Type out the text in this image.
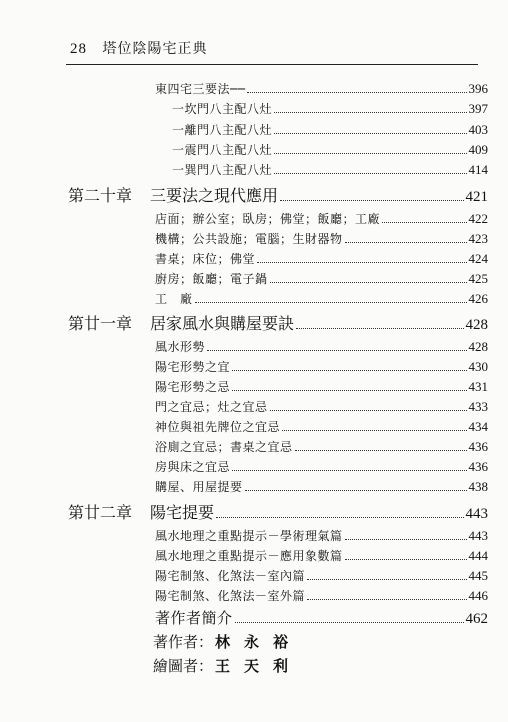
28 塔位陰陽宅正典
東四宅三要法──	396
一坎門八主配八灶	397
一離門八主配八灶	403
一震門八主配八灶	409
一巽門八主配八灶	414
第二十章	三要法之現代應用	421
店面；辦公室；臥房；佛堂；飯廳；工廠	422
機構；公共設施；電腦；生財器物	423
書桌；床位；佛堂	424
廚房；飯廳；電子鍋	425
工　廠	426
第廿一章	居家風水與購屋要訣	428
風水形勢	428
陽宅形勢之宜	430
陽宅形勢之忌	431
門之宜忌；灶之宜忌	433
神位與祖先牌位之宜忌	434
浴廁之宜忌；書桌之宜忌	436
房與床之宜忌	436
購屋、用屋提要	438
第廿二章	陽宅提要	443
風水地理之重點提示－學術理氣篇	443
風水地理之重點提示－應用象數篇	444
陽宅制煞、化煞法－室內篇	445
陽宅制煞、化煞法－室外篇	446
著作者簡介	462
著作者： 林永裕
繪圖者： 王天利
